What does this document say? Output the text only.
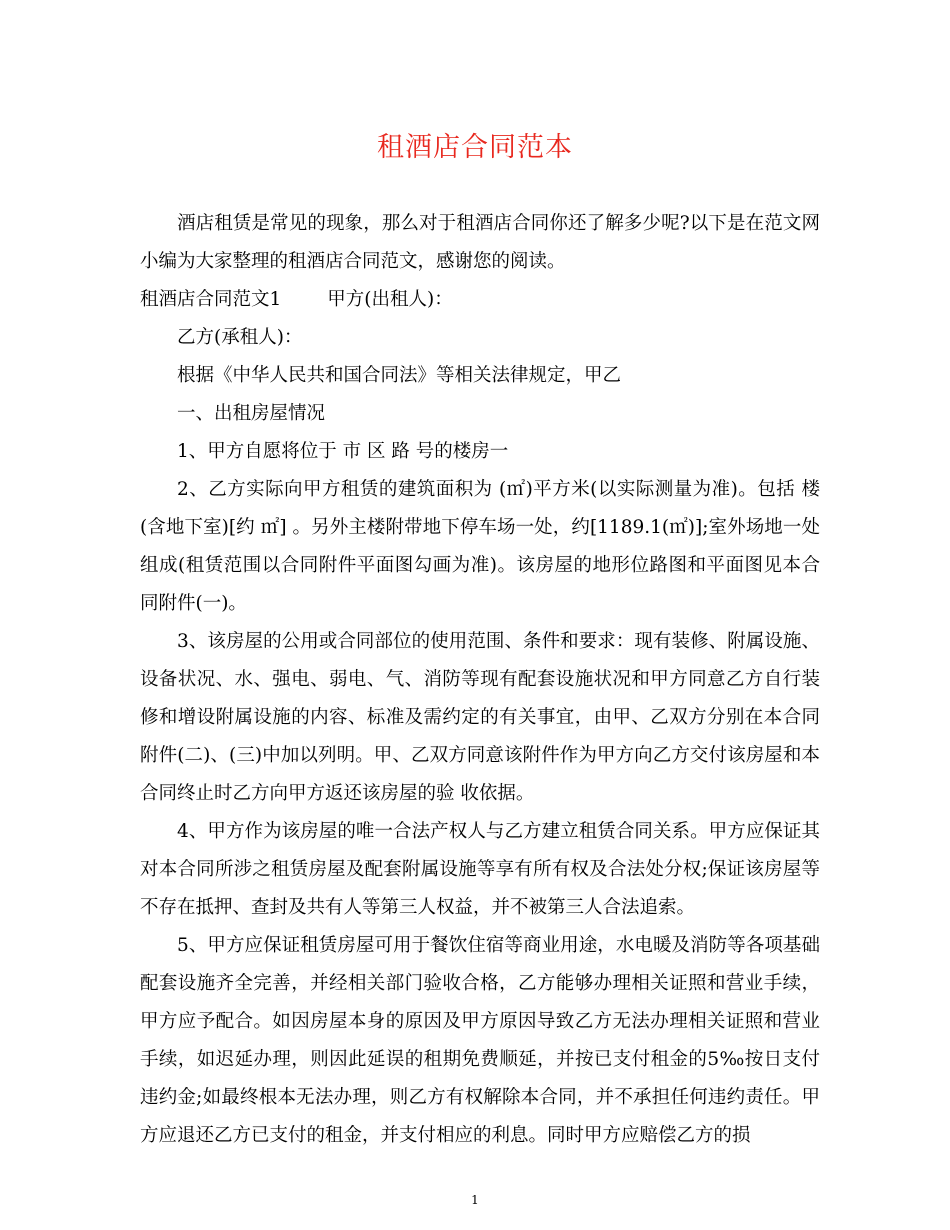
租酒店合同范本

酒店租赁是常见的现象，那么对于租酒店合同你还了解多少呢?以下是在范文网小编为大家整理的租酒店合同范文，感谢您的阅读。

租酒店合同范文1 甲方(出租人)：

乙方(承租人)：

根据《中华人民共和国合同法》等相关法律规定，甲乙

一、出租房屋情况

1、甲方自愿将位于 市 区 路 号的楼房一

2、乙方实际向甲方租赁的建筑面积为 (㎡)平方米(以实际测量为准)。包括 楼(含地下室)[约 ㎡] 。另外主楼附带地下停车场一处，约[1189.1(㎡)];室外场地一处组成(租赁范围以合同附件平面图勾画为准)。该房屋的地形位路图和平面图见本合同附件(一)。

3、该房屋的公用或合同部位的使用范围、条件和要求：现有装修、附属设施、设备状况、水、强电、弱电、气、消防等现有配套设施状况和甲方同意乙方自行装修和增设附属设施的内容、标准及需约定的有关事宜，由甲、乙双方分别在本合同附件(二)、(三)中加以列明。甲、乙双方同意该附件作为甲方向乙方交付该房屋和本合同终止时乙方向甲方返还该房屋的验 收依据。

4、甲方作为该房屋的唯一合法产权人与乙方建立租赁合同关系。甲方应保证其对本合同所涉之租赁房屋及配套附属设施等享有所有权及合法处分权;保证该房屋等不存在抵押、查封及共有人等第三人权益，并不被第三人合法追索。

5、甲方应保证租赁房屋可用于餐饮住宿等商业用途，水电暖及消防等各项基础配套设施齐全完善，并经相关部门验收合格，乙方能够办理相关证照和营业手续，甲方应予配合。如因房屋本身的原因及甲方原因导致乙方无法办理相关证照和营业手续，如迟延办理，则因此延误的租期免费顺延，并按已支付租金的5‰按日支付违约金;如最终根本无法办理，则乙方有权解除本合同，并不承担任何违约责任。甲方应退还乙方已支付的租金，并支付相应的利息。同时甲方应赔偿乙方的损

1
